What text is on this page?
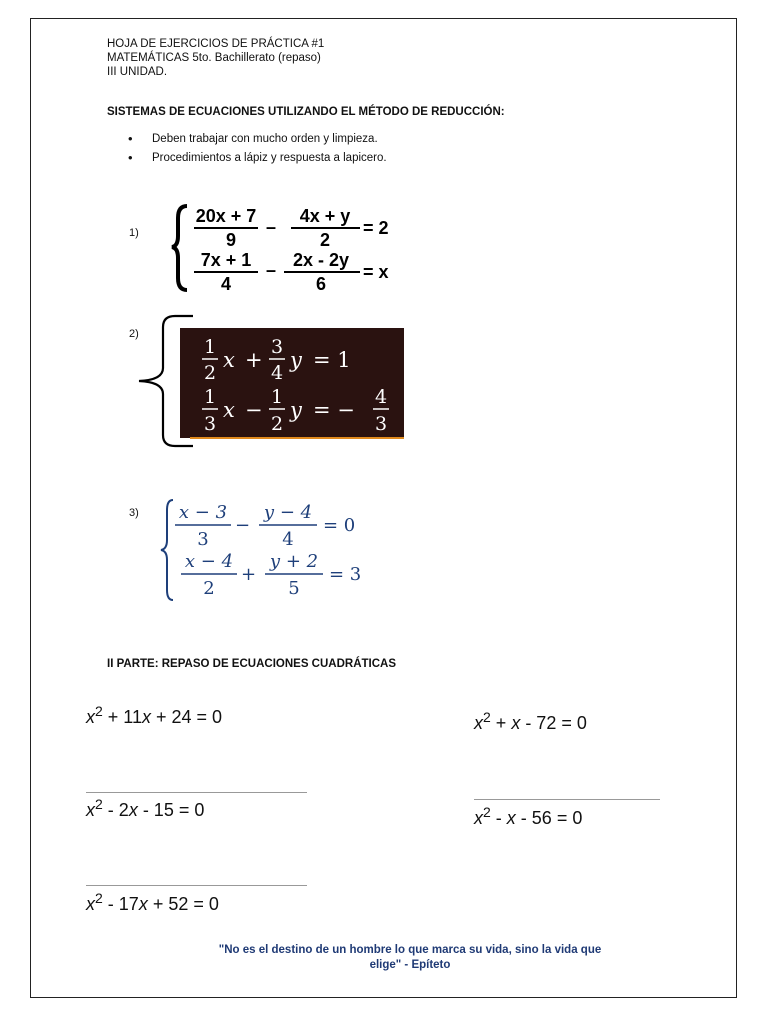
HOJA DE EJERCICIOS DE PRÁCTICA #1
MATEMÁTICAS 5to. Bachillerato (repaso)
III UNIDAD.
SISTEMAS DE ECUACIONES UTILIZANDO EL MÉTODO DE REDUCCIÓN:
• Deben trabajar con mucho orden y limpieza.
• Procedimientos a lápiz y respuesta a lapicero.
1)
20x + 7
9
–
4x + y
2
= 2
7x + 1
4
– 2x - 2y
6
= x
2)
1
2
x +
3
4
y = 1
1
3
x −
1
2
y = −
4
3
3) x − 3
3
−
y − 4
4
= 0
x − 4
2
+
y + 2
5
= 3
II PARTE: REPASO DE ECUACIONES CUADRÁTICAS
$x^2 + 11x + 24 = 0$	$x^2 + x - 72 = 0$
$x^2 - 2x - 15 = 0$	$x^2 - x - 56 = 0$
$x^2 - 17x + 52 = 0$
"No es el destino de un hombre lo que marca su vida, sino la vida que
elige" - Epíteto
